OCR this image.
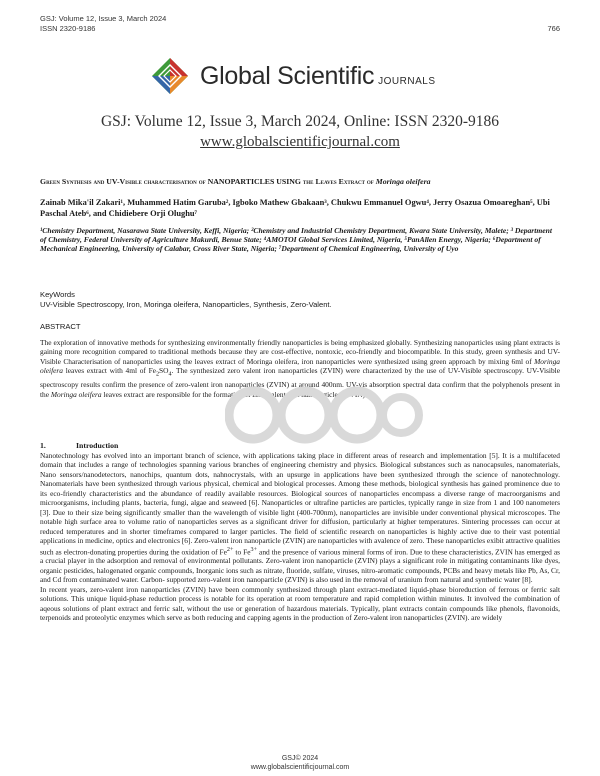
GSJ: Volume 12, Issue 3, March 2024
ISSN 2320-9186	766
Global Scientific JOURNALS
GSJ: Volume 12, Issue 3, March 2024, Online: ISSN 2320-9186
www.globalscientificjournal.com
Green Synthesis and UV-Visible characterisation of NANOPARTICLES USING the Leaves Extract of Moringa oleifera
Zainab Mika'il Zakari¹, Muhammed Hatim Garuba², Igboko Mathew Gbakaan³, Chukwu Emmanuel Ogwu⁴, Jerry Osazua Omoareghan⁵, Ubi Paschal Ateb⁶, and Chidiebere Orji Olughu⁷
¹Chemistry Department, Nasarawa State University, Keffi, Nigeria; ²Chemistry and Industrial Chemistry Department, Kwara State University, Malete; ³ Department of Chemistry, Federal University of Agriculture Makurdi, Benue State; ⁴AMOTOI Global Services Limited, Nigeria, ⁵PanAllen Energy, Nigeria; ⁶Department of Mechanical Engineering, University of Calabar, Cross River State, Nigeria; ⁷Department of Chemical Engineering, University of Uyo
KeyWords
UV-Visible Spectroscopy, Iron, Moringa oleifera, Nanoparticles, Synthesis, Zero-Valent.
ABSTRACT
The exploration of innovative methods for synthesizing environmentally friendly nanoparticles is being emphasized globally. Synthesizing nanoparticles using plant extracts is gaining more recognition compared to traditional methods because they are cost-effective, nontoxic, eco-friendly and biocompatible. In this study, green synthesis and UV-Visible Characterisation of nanoparticles using the leaves extract of Moringa oleifera, iron nanoparticles were synthesized using green approach by mixing 6ml of Moringa oleifera leaves extract with 4ml of $Fe_2SO_4$. The synthesized zero valent iron nanoparticles (ZVIN) were characterized by the use of UV-Visible spectroscopy. UV-Visible spectroscopy results confirm the presence of zero-valent iron nanoparticles (ZVIN) at around 400nm. UV-vis absorption spectral data confirm that the polyphenols present in the Moringa oleifera leaves extract are responsible for the formation of zero-valent iron nanoparticles (ZVIN).
1.	Introduction

Nanotechnology has evolved into an important branch of science, with applications taking place in different areas of research and implementation [5]. It is a multifaceted domain that includes a range of technologies spanning various branches of engineering chemistry and physics. Biological substances such as nanocapsules, nanomaterials, Nano sensors/nanodetectors, nanochips, quantum dots, nahnocrystals, with an upsurge in applications have been synthesized through the science of nanotechnology. Nanomaterials have been synthesized through various physical, chemical and biological processes. Among these methods, biological synthesis has gained prominence due to its eco-friendly characteristics and the abundance of readily available resources. Biological sources of nanoparticles encompass a diverse range of macroorganisms and microorganisms, including plants, bacteria, fungi, algae and seaweed [6]. Nanoparticles or ultrafine particles are particles, typically range in size from 1 and 100 nanometers [3]. Due to their size being significantly smaller than the wavelength of visible light (400-700nm), nanoparticles are invisible under conventional physical microscopes. The notable high surface area to volume ratio of nanoparticles serves as a significant driver for diffusion, particularly at higher temperatures. Sintering processes can occur at reduced temperatures and in shorter timeframes compared to larger particles. The field of scientific research on nanoparticles is highly active due to their vast potential applications in medicine, optics and electronics [6]. Zero-valent iron nanoparticle (ZVIN) are nanoparticles with avalence of zero. These nanoparticles exibit attractive qualities such as electron-donating properties during the oxidation of $Fe^{2+}$ to $Fe^{3+}$ and the presence of various mineral forms of iron. Due to these characteristics, ZVIN has emerged as a crucial player in the adsorption and removal of environmental pollutants. Zero-valent iron nanoparticle (ZVIN) plays a significant role in mitigating contaminants like dyes, organic pesticides, halogenated organic compounds, Inorganic ions such as nitrate, fluoride, sulfate, viruses, nitro-aromatic compounds, PCBs and heavy metals like Pb, As, Cr, and Cd from contaminated water. Carbon- supported zero-valent iron nanoparticle (ZVIN) is also used in the removal of uranium from natural and synthetic water [8].

In recent years, zero-valent iron nanoparticles (ZVIN) have been commonly synthesized through plant extract-mediated liquid-phase bioreduction of ferrous or ferric salt solutions. This unique liquid-phase reduction process is notable for its operation at room temperature and rapid completion within minutes. It involved the combination of aqeous solutions of plant extract and ferric salt, without the use or generation of hazardous materials. Typically, plant extracts contain compounds like phenols, flavonoids, terpenoids and proteolytic enzymes which serve as both reducing and capping agents in the production of Zero-valent iron nanoparticles (ZVIN). are widely

GSJ© 2024
www.globalscientificjournal.com
